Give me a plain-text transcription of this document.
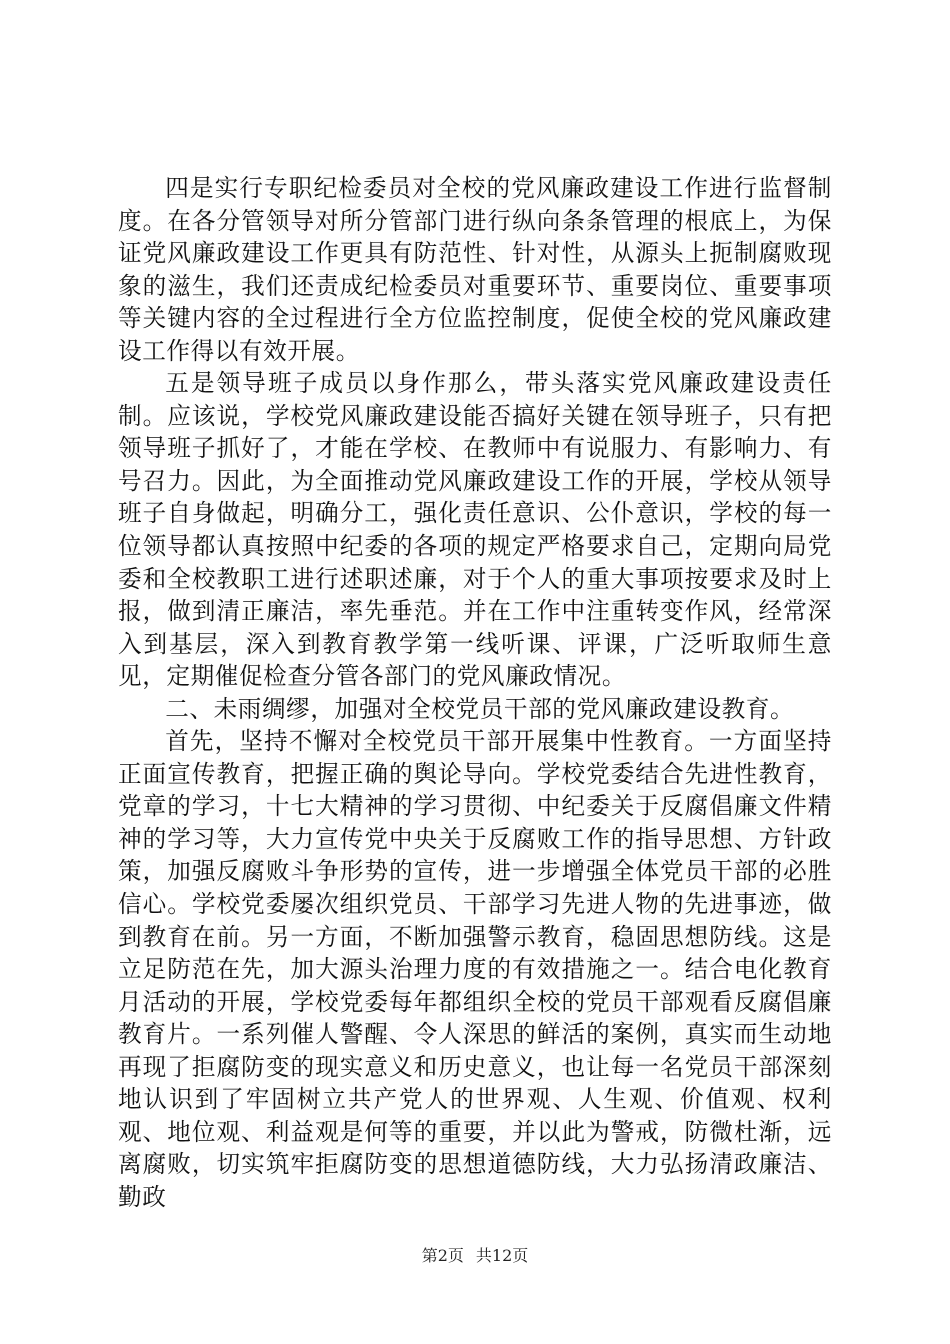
四是实行专职纪检委员对全校的党风廉政建设工作进行监督制度。在各分管领导对所分管部门进行纵向条条管理的根底上，为保证党风廉政建设工作更具有防范性、针对性，从源头上扼制腐败现象的滋生，我们还责成纪检委员对重要环节、重要岗位、重要事项等关键内容的全过程进行全方位监控制度，促使全校的党风廉政建设工作得以有效开展。

五是领导班子成员以身作那么，带头落实党风廉政建设责任制。应该说，学校党风廉政建设能否搞好关键在领导班子，只有把领导班子抓好了，才能在学校、在教师中有说服力、有影响力、有号召力。因此，为全面推动党风廉政建设工作的开展，学校从领导班子自身做起，明确分工，强化责任意识、公仆意识，学校的每一位领导都认真按照中纪委的各项的规定严格要求自己，定期向局党委和全校教职工进行述职述廉，对于个人的重大事项按要求及时上报，做到清正廉洁，率先垂范。并在工作中注重转变作风，经常深入到基层，深入到教育教学第一线听课、评课，广泛听取师生意见，定期催促检查分管各部门的党风廉政情况。

二、未雨绸缪，加强对全校党员干部的党风廉政建设教育。

首先，坚持不懈对全校党员干部开展集中性教育。一方面坚持正面宣传教育，把握正确的舆论导向。学校党委结合先进性教育，党章的学习，十七大精神的学习贯彻、中纪委关于反腐倡廉文件精神的学习等，大力宣传党中央关于反腐败工作的指导思想、方针政策，加强反腐败斗争形势的宣传，进一步增强全体党员干部的必胜信心。学校党委屡次组织党员、干部学习先进人物的先进事迹，做到教育在前。另一方面，不断加强警示教育，稳固思想防线。这是立足防范在先，加大源头治理力度的有效措施之一。结合电化教育月活动的开展，学校党委每年都组织全校的党员干部观看反腐倡廉教育片。一系列催人警醒、令人深思的鲜活的案例，真实而生动地再现了拒腐防变的现实意义和历史意义，也让每一名党员干部深刻地认识到了牢固树立共产党人的世界观、人生观、价值观、权利观、地位观、利益观是何等的重要，并以此为警戒，防微杜渐，远离腐败，切实筑牢拒腐防变的思想道德防线，大力弘扬清政廉洁、勤政

第2页 共12页
